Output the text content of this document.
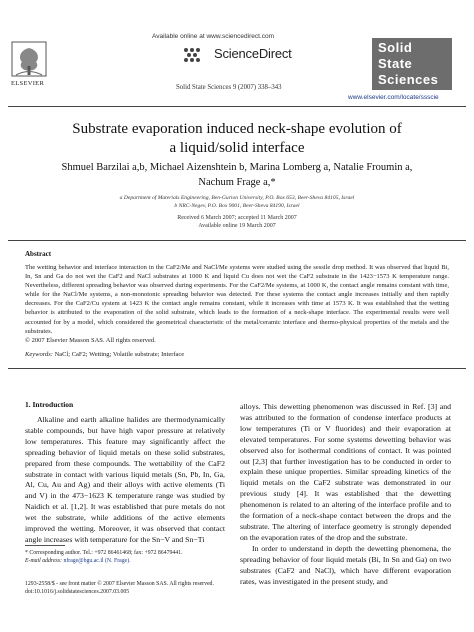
Available online at www.sciencedirect.com
ScienceDirect
Solid State Sciences 9 (2007) 338–343
ELSEVIER
Solid
State
Sciences
www.elsevier.com/locate/ssscie
Substrate evaporation induced neck-shape evolution of
a liquid/solid interface
Shmuel Barzilai a,b, Michael Aizenshtein b, Marina Lomberg a, Natalie Froumin a,
Nachum Frage a,*
a Department of Materials Engineering, Ben-Gurion University, P.O. Box 653, Beer-Sheva 84105, Israel
b NRC-Negev, P.O. Box 9001, Beer-Sheva 84190, Israel
Received 6 March 2007; accepted 11 March 2007
Available online 19 March 2007
Abstract
The wetting behavior and interface interaction in the CaF2/Me and NaCl/Me systems were studied using the sessile drop method. It was observed that liquid Bi, In, Sn and Ga do not wet the CaF2 and NaCl substrates at 1000 K and liquid Cu does not wet the CaF2 substrate in the 1423−1573 K temperature range. Nevertheless, different spreading behavior was observed during experiments. For the CaF2/Me systems, at 1000 K, the contact angle remains constant with time, while for the NaCl/Me systems, a non-monotonic spreading behavior was detected. For these systems the contact angle increases initially and then rapidly decreases. For the CaF2/Cu system at 1423 K the contact angle remains constant, while it increases with time at 1573 K. It was established that the wetting behavior is attributed to the evaporation of the solid substrate, which leads to the formation of a neck-shape interface. The experimental results were well accounted for by a model, which considered the geometrical characteristic of the metal/ceramic interface and thermo-physical properties of the metals and the substrates.
© 2007 Elsevier Masson SAS. All rights reserved.
Keywords: NaCl; CaF2; Wetting; Volatile substrate; Interface
1. Introduction

Alkaline and earth alkaline halides are thermodynamically stable compounds, but have high vapor pressure at relatively low temperatures. This feature may significantly affect the spreading behavior of liquid metals on these solid substrates, prepared from these compounds. The wettability of the CaF2 substrate in contact with various liquid metals (Sn, Pb, In, Ga, Al, Cu, Au and Ag) and their alloys with active elements (Ti and V) in the 473−1623 K temperature range was studied by Naidich et al. [1,2]. It was established that pure metals do not wet the substrate, while additions of the active elements improved the wetting. Moreover, it was observed that contact angle increases with temperature for the Sn−V and Sn−Ti

alloys. This dewetting phenomenon was discussed in Ref. [3] and was attributed to the formation of condense interface products at low temperatures (Ti or V fluorides) and their evaporation at elevated temperatures. For some systems dewetting behavior was observed also for isothermal conditions of contact. It was pointed out [2,3] that further investigation has to be conducted in order to explain these unique properties. Similar spreading kinetics of the liquid metals on the CaF2 substrate was demonstrated in our previous study [4]. It was established that the dewetting phenomenon is related to an altering of the interface profile and to the formation of a neck-shape contact between the drops and the substrate. The altering of interface geometry is strongly depended on the evaporation rates of the drop and the substrate.

In order to understand in depth the dewetting phenomena, the spreading behavior of four liquid metals (Bi, In Sn and Ga) on two substrates (CaF2 and NaCl), which have different evaporation rates, was investigated in the present study, and

* Corresponding author. Tel.: +972 86461468; fax: +972 86479441.
E-mail address: nfrage@bgu.ac.il (N. Frage).
1293-2558/$ - see front matter © 2007 Elsevier Masson SAS. All rights reserved.
doi:10.1016/j.solidstatesciences.2007.03.005
